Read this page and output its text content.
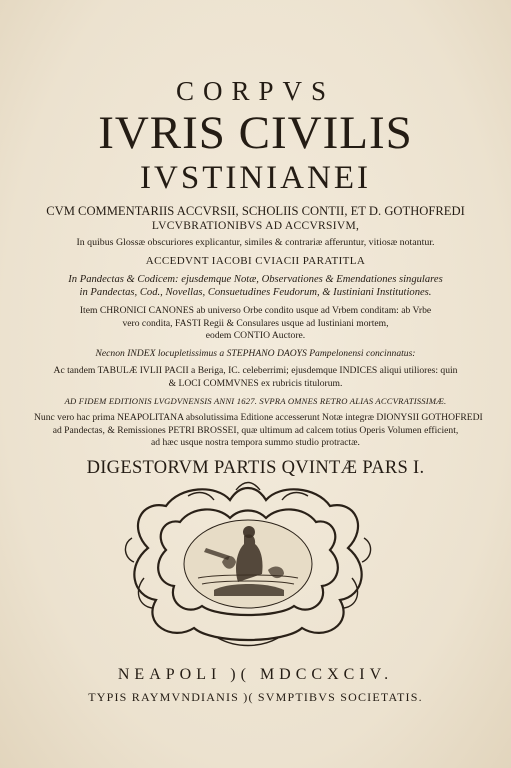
CORPVS
IVRIS CIVILIS
IVSTINIANEI
CVM COMMENTARIIS ACCVRSII, SCHOLIIS CONTII, ET D. GOTHOFREDI
LVCVBRATIONIBVS AD ACCVRSIVM,
In quibus Glossæ obscuriores explicantur, similes & contrariæ afferuntur, vitiosæ notantur.
ACCEDVNT IACOBI CVIACII PARATITLA
In Pandectas & Codicem: ejusdemque Notæ, Observationes & Emendationes singulares
in Pandectas, Cod., Novellas, Consuetudines Feudorum, & Iustiniani Institutiones.
Item CHRONICI CANONES ab universo Orbe condito usque ad Vrbem conditam: ab Vrbe
vero condita, FASTI Regii & Consulares usque ad Iustiniani mortem,
eodem CONTIO Auctore.
Necnon INDEX locupletissimus a STEPHANO DAOYS Pampelonensi concinnatus:
Ac tandem TABULÆ IVLII PACII a Beriga, IC. celeberrimi; ejusdemque INDICES aliqui utiliores: quin
& LOCI COMMVNES ex rubricis titulorum.
AD FIDEM EDITIONIS LVGDVNENSIS ANNI 1627. SVPRA OMNES RETRO ALIAS ACCVRATISSIMÆ.
Nunc vero hac prima NEAPOLITANA absolutissima Editione accesserunt Notæ integræ DIONYSII GOTHOFREDI
ad Pandectas, & Remissiones PETRI BROSSEI, quæ ultimum ad calcem totius Operis Volumen efficient,
ad hæc usque nostra tempora summo studio protractæ.
DIGESTORVM PARTIS QVINTÆ PARS I.
NEAPOLI )( MDCCXCIV.
TYPIS RAYMVNDIANIS )( SVMPTIBVS SOCIETATIS.
